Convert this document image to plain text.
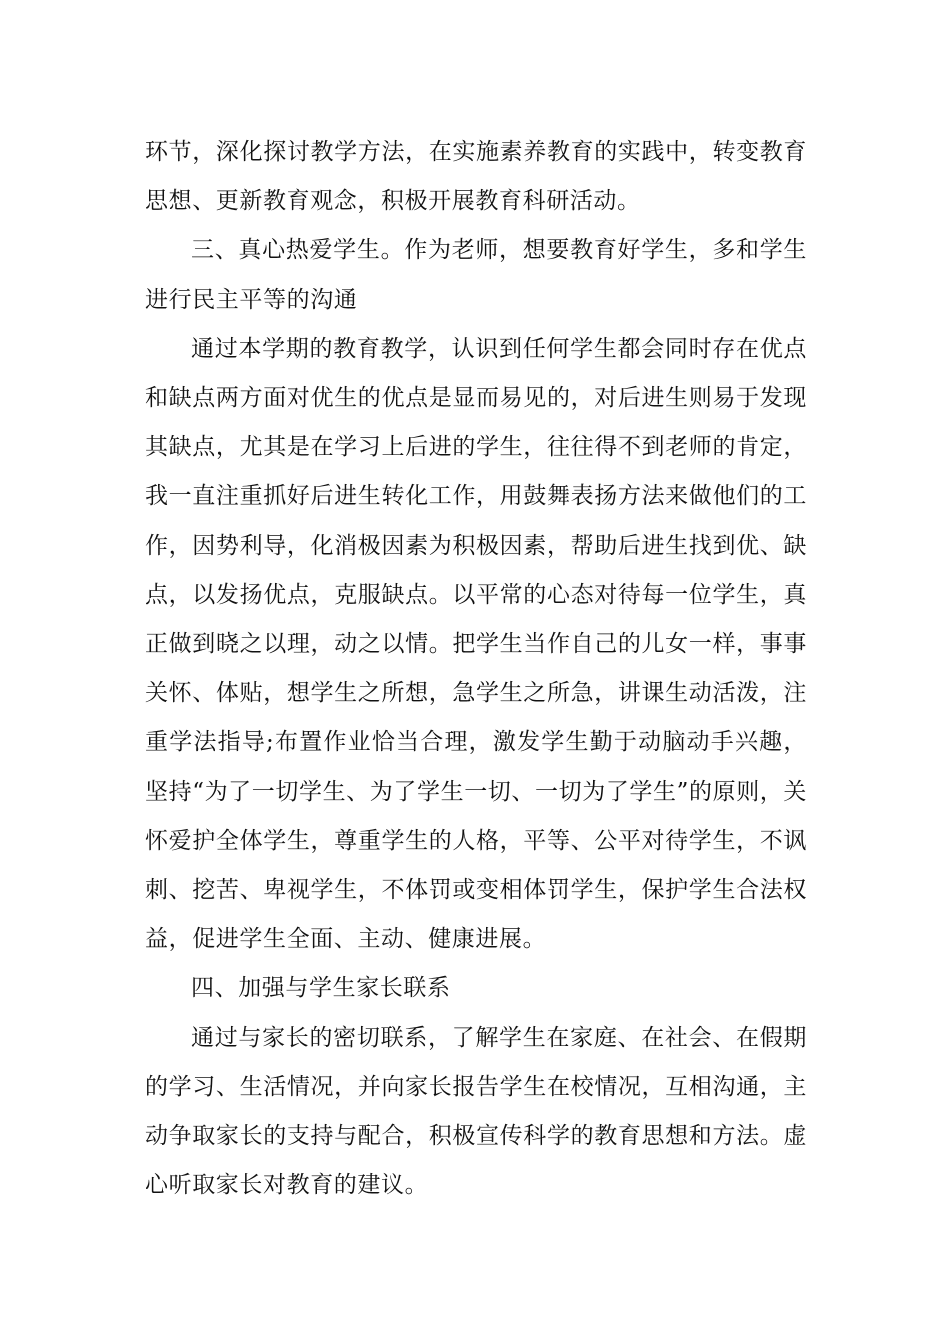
环节，深化探讨教学方法，在实施素养教育的实践中，转变教育思想、更新教育观念，积极开展教育科研活动。

三、真心热爱学生。作为老师，想要教育好学生，多和学生进行民主平等的沟通

通过本学期的教育教学，认识到任何学生都会同时存在优点和缺点两方面对优生的优点是显而易见的，对后进生则易于发现其缺点，尤其是在学习上后进的学生，往往得不到老师的肯定，我一直注重抓好后进生转化工作，用鼓舞表扬方法来做他们的工作，因势利导，化消极因素为积极因素，帮助后进生找到优、缺点，以发扬优点，克服缺点。以平常的心态对待每一位学生，真正做到晓之以理，动之以情。把学生当作自己的儿女一样，事事关怀、体贴，想学生之所想，急学生之所急，讲课生动活泼，注重学法指导;布置作业恰当合理，激发学生勤于动脑动手兴趣，坚持“为了一切学生、为了学生一切、一切为了学生”的原则，关怀爱护全体学生，尊重学生的人格，平等、公平对待学生，不讽刺、挖苦、卑视学生，不体罚或变相体罚学生，保护学生合法权益，促进学生全面、主动、健康进展。

四、加强与学生家长联系

通过与家长的密切联系，了解学生在家庭、在社会、在假期的学习、生活情况，并向家长报告学生在校情况，互相沟通，主动争取家长的支持与配合，积极宣传科学的教育思想和方法。虚心听取家长对教育的建议。
